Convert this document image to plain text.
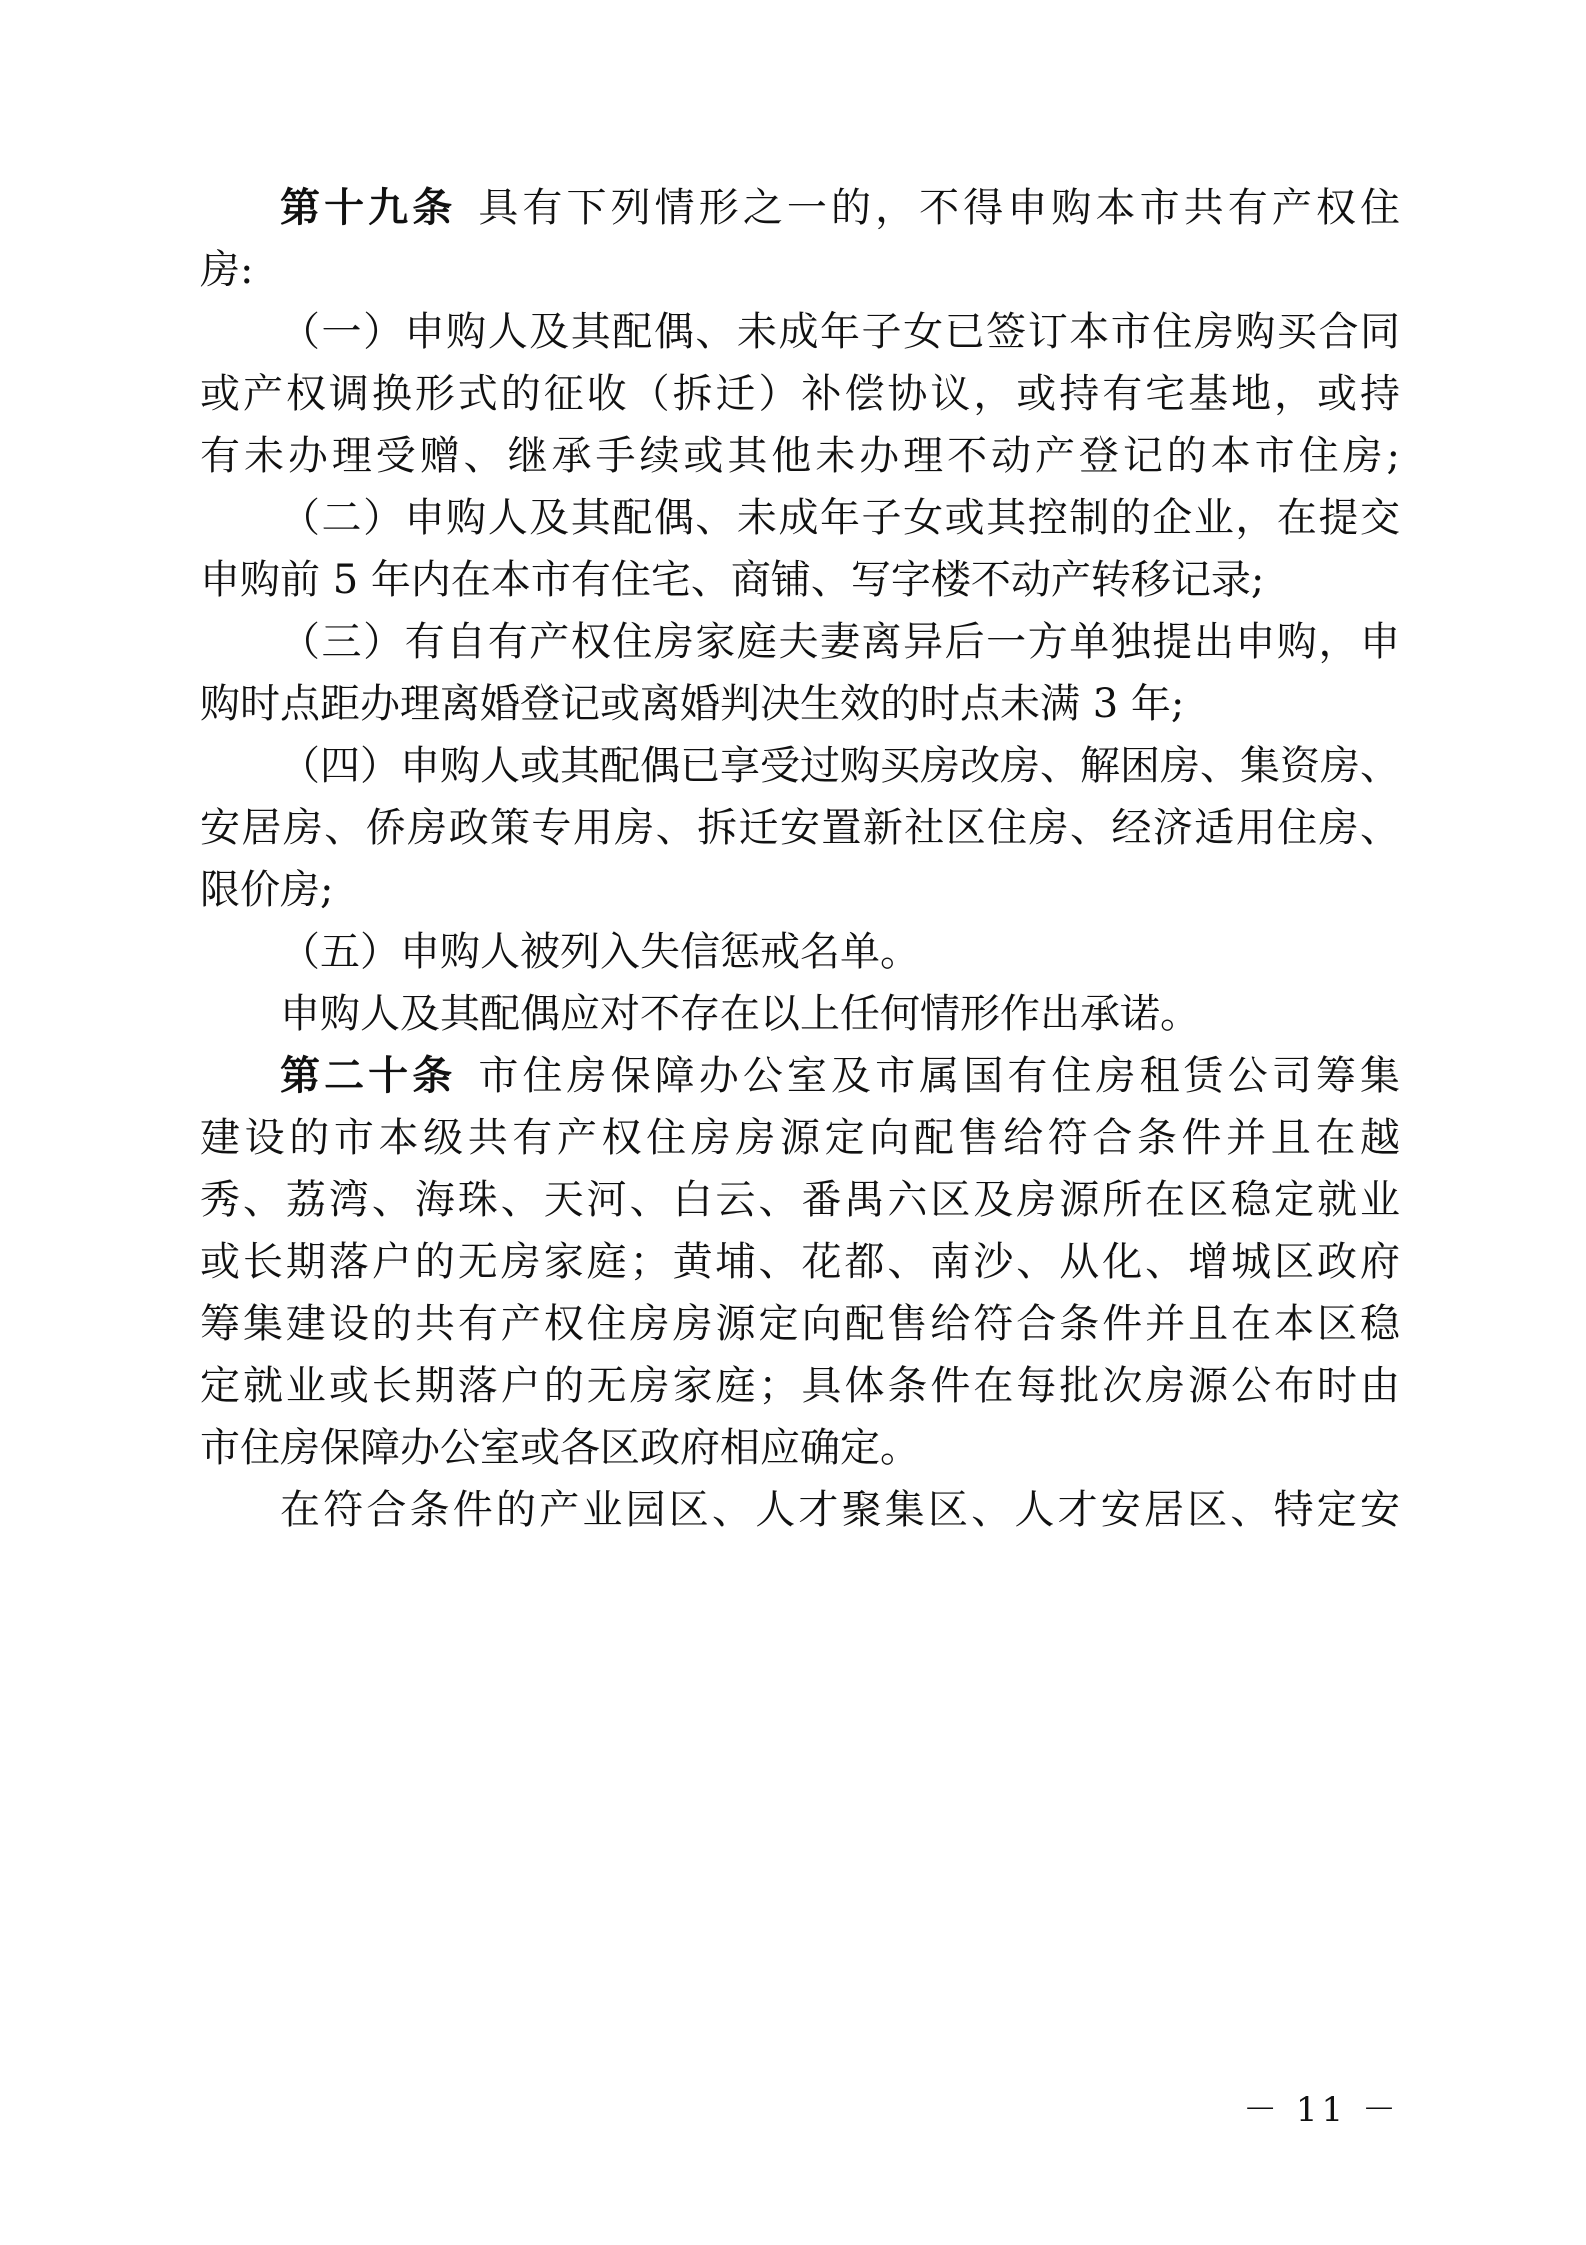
第十九条 具有下列情形之一的，不得申购本市共有产权住
房:
（一）申购人及其配偶、未成年子女已签订本市住房购买合同
或产权调换形式的征收（拆迁）补偿协议，或持有宅基地，或持
有未办理受赠、继承手续或其他未办理不动产登记的本市住房;
（二）申购人及其配偶、未成年子女或其控制的企业，在提交
申购前 5 年内在本市有住宅、商铺、写字楼不动产转移记录;
（三）有自有产权住房家庭夫妻离异后一方单独提出申购，申
购时点距办理离婚登记或离婚判决生效的时点未满 3 年;
（四）申购人或其配偶已享受过购买房改房、解困房、集资房、
安居房、侨房政策专用房、拆迁安置新社区住房、经济适用住房、
限价房;
（五）申购人被列入失信惩戒名单。
申购人及其配偶应对不存在以上任何情形作出承诺。
第二十条 市住房保障办公室及市属国有住房租赁公司筹集
建设的市本级共有产权住房房源定向配售给符合条件并且在越
秀、荔湾、海珠、天河、白云、番禺六区及房源所在区稳定就业
或长期落户的无房家庭；黄埔、花都、南沙、从化、增城区政府
筹集建设的共有产权住房房源定向配售给符合条件并且在本区稳
定就业或长期落户的无房家庭；具体条件在每批次房源公布时由
市住房保障办公室或各区政府相应确定。
在符合条件的产业园区、人才聚集区、人才安居区、特定安
－ 11 －
